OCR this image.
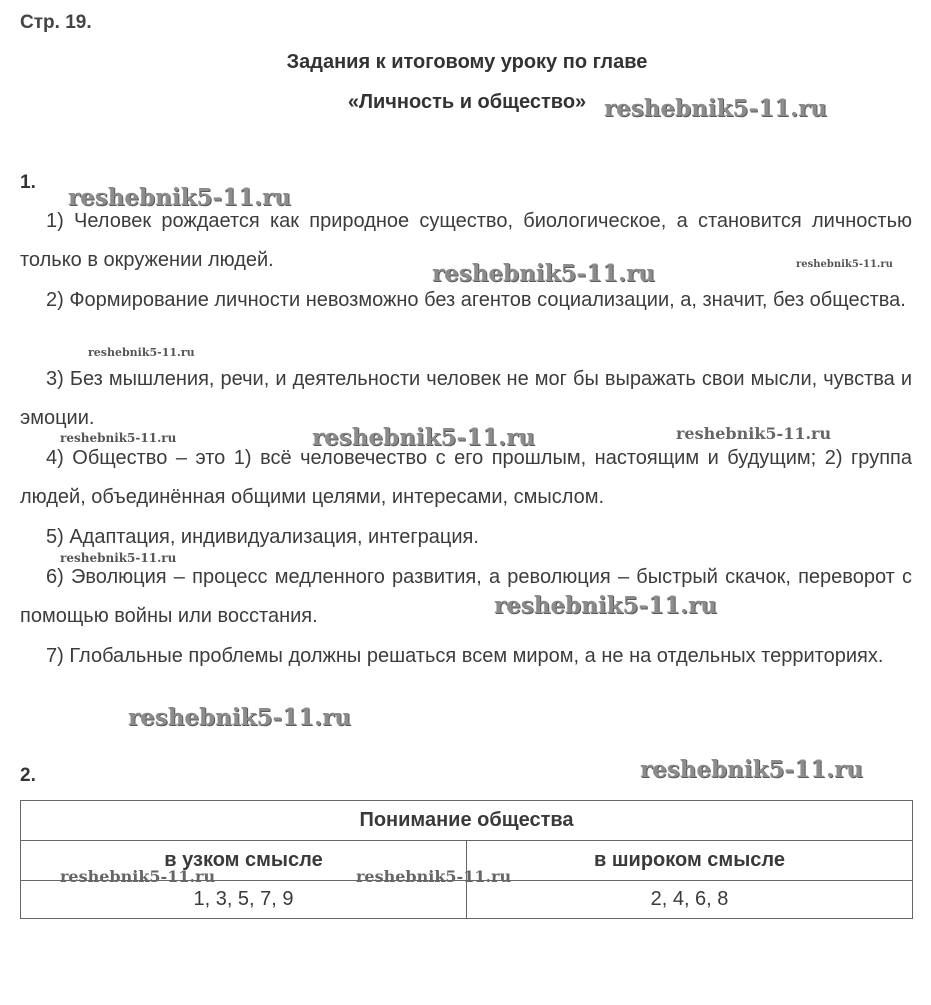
Стр. 19.
Задания к итоговому уроку по главе
«Личность и общество»
1.

1) Человек рождается как природное существо, биологическое, а становится личностью только в окружении людей.

2) Формирование личности невозможно без агентов социализации, а, значит, без общества.

3) Без мышления, речи, и деятельности человек не мог бы выражать свои мысли, чувства и эмоции.

4) Общество – это 1) всё человечество с его прошлым, настоящим и будущим; 2) группа людей, объединённая общими целями, интересами, смыслом.

5) Адаптация, индивидуализация, интеграция.

6) Эволюция – процесс медленного развития, а революция – быстрый скачок, переворот с помощью войны или восстания.

7) Глобальные проблемы должны решаться всем миром, а не на отдельных территориях.

2.
Понимание общества	
в узком смысле	в широком смысле
1, 3, 5, 7, 9	2, 4, 6, 8
reshebnik5-11.ru
reshebnik5-11.ru
reshebnik5-11.ru	reshebnik5-11.ru
reshebnik5-11.ru
reshebnik5-11.ru
reshebnik5-11.ru	reshebnik5-11.ru
reshebnik5-11.ru
reshebnik5-11.ru
reshebnik5-11.ru
reshebnik5-11.ru
reshebnik5-11.ru	reshebnik5-11.ru
